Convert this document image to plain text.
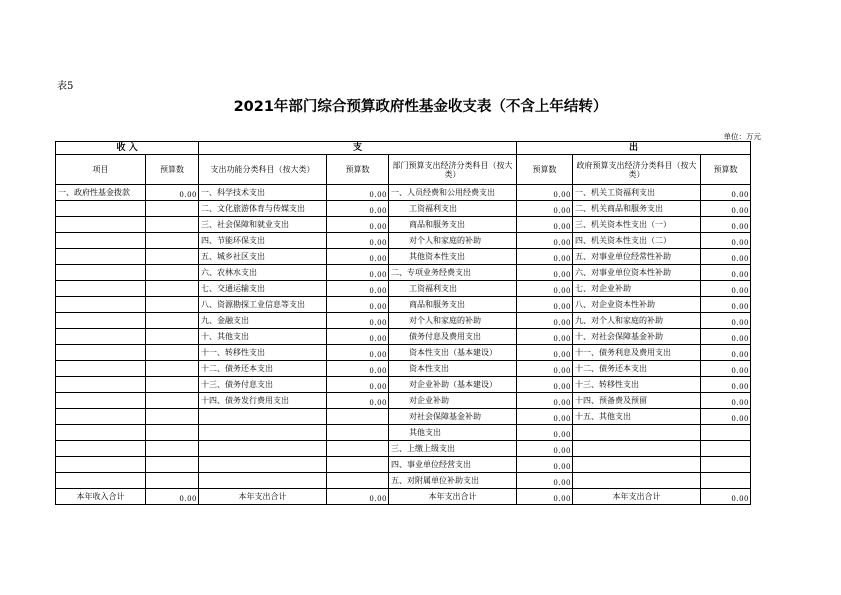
表5
2021年部门综合预算政府性基金收支表（不含上年结转）
单位：万元
收 入		支			出		
项目	预算数	支出功能分类科目（按大类）	预算数	部门预算支出经济分类科目（按大类）	预算数	政府预算支出经济分类科目（按大类）	预算数
一、政府性基金拨款	0.00	一、科学技术支出	0.00	一、人员经费和公用经费支出	0.00	一、机关工资福利支出	0.00
		二、文化旅游体育与传媒支出	0.00	工资福利支出	0.00	二、机关商品和服务支出	0.00
		三、社会保障和就业支出	0.00	商品和服务支出	0.00	三、机关资本性支出（一）	0.00
		四、节能环保支出	0.00	对个人和家庭的补助	0.00	四、机关资本性支出（二）	0.00
		五、城乡社区支出	0.00	其他资本性支出	0.00	五、对事业单位经常性补助	0.00
		六、农林水支出	0.00	二、专项业务经费支出	0.00	六、对事业单位资本性补助	0.00
		七、交通运输支出	0.00	工资福利支出	0.00	七、对企业补助	0.00
		八、资源勘探工业信息等支出	0.00	商品和服务支出	0.00	八、对企业资本性补助	0.00
		九、金融支出	0.00	对个人和家庭的补助	0.00	九、对个人和家庭的补助	0.00
		十、其他支出	0.00	债务付息及费用支出	0.00	十、对社会保障基金补助	0.00
		十一、转移性支出	0.00	资本性支出（基本建设）	0.00	十一、债务利息及费用支出	0.00
		十二、债务还本支出	0.00	资本性支出	0.00	十二、债务还本支出	0.00
		十三、债务付息支出	0.00	对企业补助（基本建设）	0.00	十三、转移性支出	0.00
		十四、债务发行费用支出	0.00	对企业补助	0.00	十四、预备费及预留	0.00
				对社会保障基金补助	0.00	十五、其他支出	0.00
				其他支出	0.00		
				三、上缴上级支出	0.00		
				四、事业单位经营支出	0.00		
				五、对附属单位补助支出	0.00		
本年收入合计	0.00	本年支出合计	0.00	本年支出合计	0.00	本年支出合计	0.00
